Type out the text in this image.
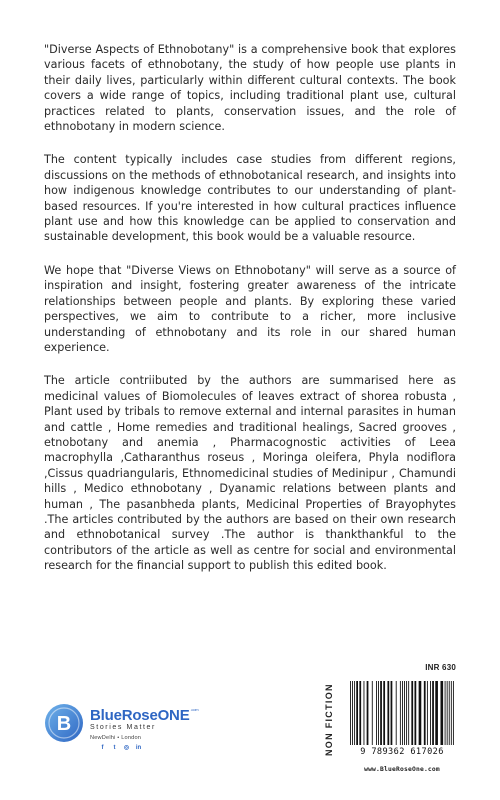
"Diverse Aspects of Ethnobotany" is a comprehensive book that explores various facets of ethnobotany, the study of how people use plants in their daily lives, particularly within different cultural contexts. The book covers a wide range of topics, including traditional plant use, cultural practices related to plants, conservation issues, and the role of ethnobotany in modern science.

The content typically includes case studies from different regions, discussions on the methods of ethnobotanical research, and insights into how indigenous knowledge contributes to our understanding of plant-based resources. If you're interested in how cultural practices influence plant use and how this knowledge can be applied to conservation and sustainable development, this book would be a valuable resource.

We hope that "Diverse Views on Ethnobotany" will serve as a source of inspiration and insight, fostering greater awareness of the intricate relationships between people and plants. By exploring these varied perspectives, we aim to contribute to a richer, more inclusive understanding of ethnobotany and its role in our shared human experience.

The article contriibuted by the authors are summarised here as medicinal values of Biomolecules of leaves extract of shorea robusta , Plant used by tribals to remove external and internal parasites in human and cattle , Home remedies and traditional healings, Sacred grooves , etnobotany and anemia , Pharmacognostic activities of Leea macrophylla ,Catharanthus roseus , Moringa oleifera, Phyla nodiflora ,Cissus quadriangularis, Ethnomedicinal studies of Medinipur , Chamundi hills , Medico ethnobotany , Dyanamic relations between plants and human , The pasanbheda plants, Medicinal Properties of Brayophytes .The articles contributed by the authors are based on their own research and ethnobotanical survey .The author is thankthankful to the contributors of the article as well as centre for social and environmental research for the financial support to publish this edited book.

B BlueRoseONE$^{.com}$
Stories Matter
NewDelhi • London
f	t	◎ in	NON FICTION
INR 630
9 789362 617026
www.BlueRoseOne.com
